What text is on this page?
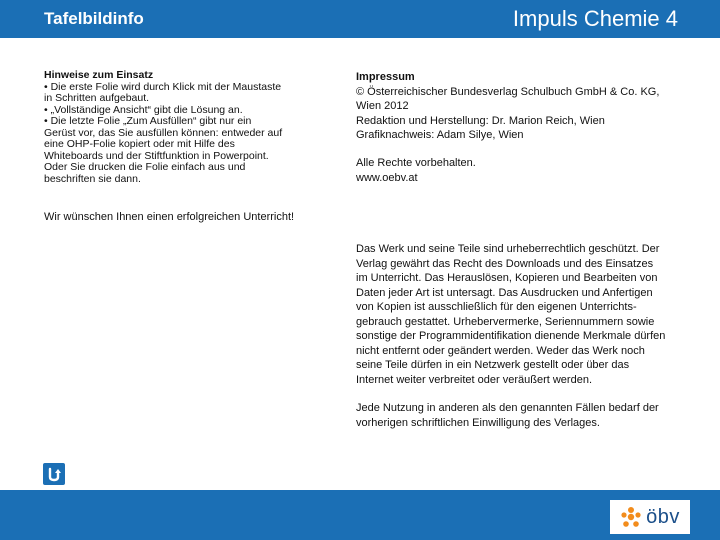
Tafelbildinfo	Impuls Chemie 4

Hinweise zum Einsatz

• Die erste Folie wird durch Klick mit der Maustaste

in Schritten aufgebaut.

• „Vollständige Ansicht“ gibt die Lösung an.

• Die letzte Folie „Zum Ausfüllen“ gibt nur ein

Gerüst vor, das Sie ausfüllen können: entweder auf

eine OHP-Folie kopiert oder mit Hilfe des

Whiteboards und der Stiftfunktion in Powerpoint.

Oder Sie drucken die Folie einfach aus und

beschriften sie dann.

Wir wünschen Ihnen einen erfolgreichen Unterricht!

Impressum

© Österreichischer Bundesverlag Schulbuch GmbH & Co. KG,

Wien 2012

Redaktion und Herstellung: Dr. Marion Reich, Wien

Grafiknachweis: Adam Silye, Wien

Alle Rechte vorbehalten.

www.oebv.at

Das Werk und seine Teile sind urheberrechtlich geschützt. Der

Verlag gewährt das Recht des Downloads und des Einsatzes

im Unterricht. Das Herauslösen, Kopieren und Bearbeiten von

Daten jeder Art ist untersagt. Das Ausdrucken und Anfertigen

von Kopien ist ausschließlich für den eigenen Unterrichts-

gebrauch gestattet. Urhebervermerke, Seriennummern sowie

sonstige der Programmidentifikation dienende Merkmale dürfen

nicht entfernt oder geändert werden. Weder das Werk noch

seine Teile dürfen in ein Netzwerk gestellt oder über das

Internet weiter verbreitet oder veräußert werden.

Jede Nutzung in anderen als den genannten Fällen bedarf der

vorherigen schriftlichen Einwilligung des Verlages.

öbv
